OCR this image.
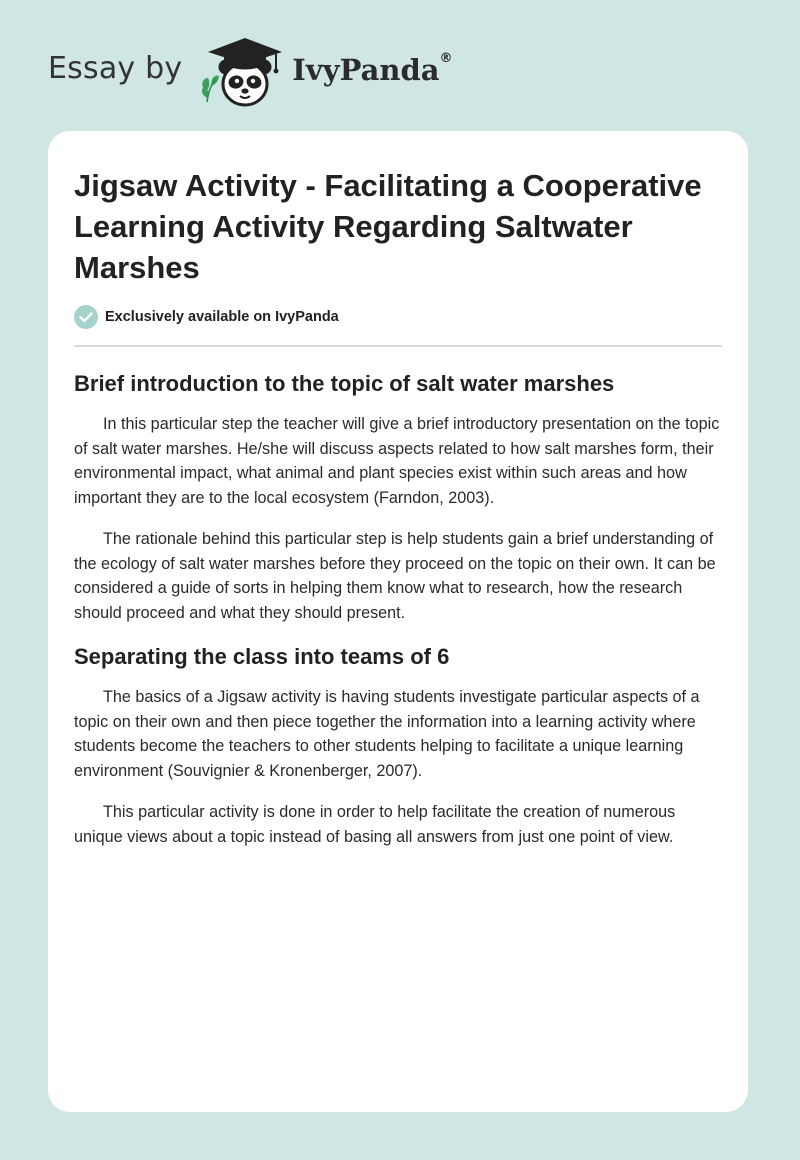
Essay by	IvyPanda®
Jigsaw Activity - Facilitating a Cooperative Learning Activity Regarding Saltwater Marshes
Exclusively available on IvyPanda
Brief introduction to the topic of salt water marshes

In this particular step the teacher will give a brief introductory presentation on the topic of salt water marshes. He/she will discuss aspects related to how salt marshes form, their environmental impact, what animal and plant species exist within such areas and how important they are to the local ecosystem (Farndon, 2003).

The rationale behind this particular step is help students gain a brief understanding of the ecology of salt water marshes before they proceed on the topic on their own. It can be considered a guide of sorts in helping them know what to research, how the research should proceed and what they should present.

Separating the class into teams of 6

The basics of a Jigsaw activity is having students investigate particular aspects of a topic on their own and then piece together the information into a learning activity where students become the teachers to other students helping to facilitate a unique learning environment (Souvignier & Kronenberger, 2007).

This particular activity is done in order to help facilitate the creation of numerous unique views about a topic instead of basing all answers from just one point of view.
